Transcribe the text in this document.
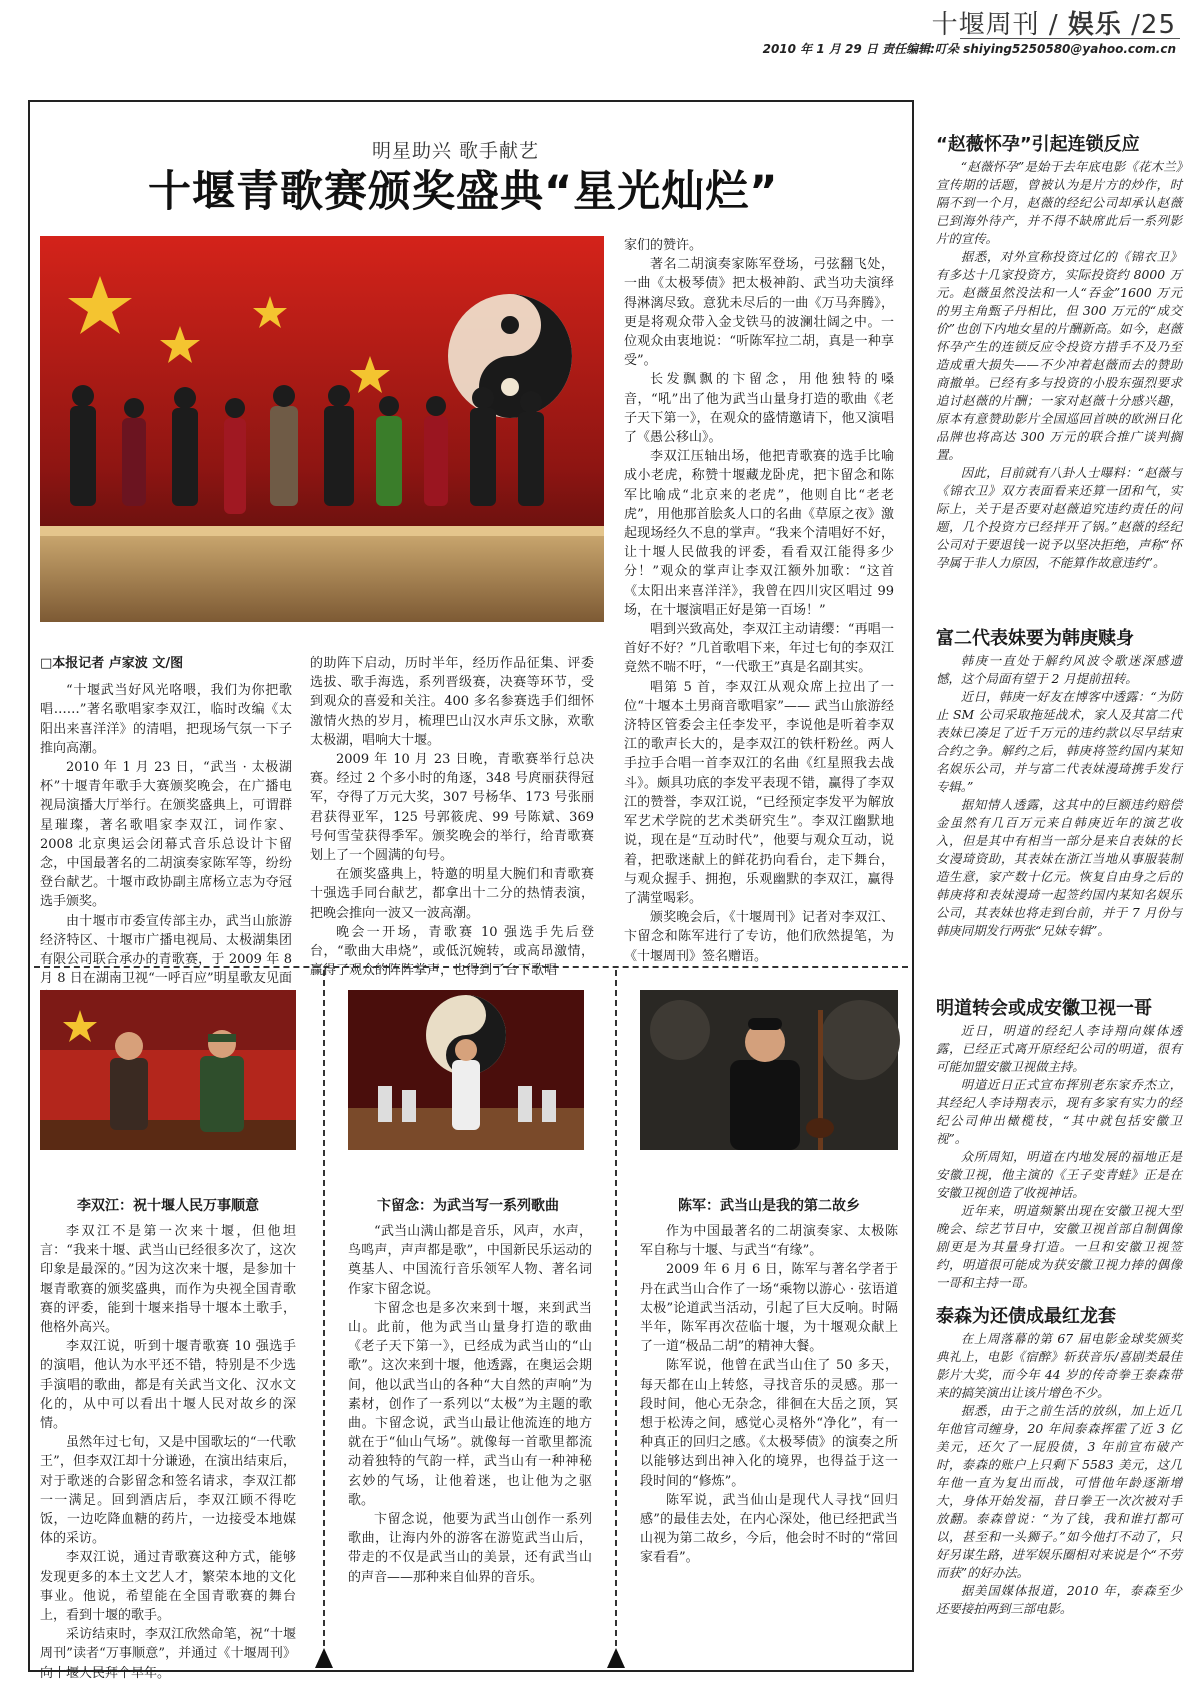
十堰周刊 / 娱乐 /25
2010 年 1 月 29 日 责任编辑:叮朵 shiying5250580@yahoo.com.cn
明星助兴 歌手献艺
十堰青歌赛颁奖盛典“星光灿烂”
□本报记者 卢家波 文/图

“十堰武当好风光咯喂，我们为你把歌唱……”著名歌唱家李双江，临时改编《太阳出来喜洋洋》的清唱，把现场气氛一下子推向高潮。

2010 年 1 月 23 日，“武当 · 太极湖杯”十堰青年歌手大赛颁奖晚会，在广播电视局演播大厅举行。在颁奖盛典上，可谓群星璀璨，著名歌唱家李双江，词作家、2008 北京奥运会闭幕式音乐总设计卞留念，中国最著名的二胡演奏家陈军等，纷纷登台献艺。十堰市政协副主席杨立志为夺冠选手颁奖。

由十堰市市委宣传部主办，武当山旅游经济特区、十堰市广播电视局、太极湖集团有限公司联合承办的青歌赛，于 2009 年 8 月 8 日在湖南卫视“一呼百应”明星歌友见面

的助阵下启动，历时半年，经历作品征集、评委选拔、歌手海选，系列晋级赛，决赛等环节，受到观众的喜爱和关注。400 多名参赛选手们细怀激情火热的岁月，梳理巴山汉水声乐文脉，欢歌太极湖，唱响大十堰。

2009 年 10 月 23 日晚，青歌赛举行总决赛。经过 2 个多小时的角逐，348 号庹丽获得冠军，夺得了万元大奖，307 号杨华、173 号张丽君获得亚军，125 号郭筱虎、99 号陈斌、369 号何雪莹获得季军。颁奖晚会的举行，给青歌赛划上了一个圆满的句号。

在颁奖盛典上，特邀的明星大腕们和青歌赛十强选手同台献艺，都拿出十二分的热情表演，把晚会推向一波又一波高潮。

晚会一开场，青歌赛 10 强选手先后登台，“歌曲大串烧”，或低沉婉转，或高昂激情，赢得了观众的阵阵掌声，也得到了台下歌唱

家们的赞许。

著名二胡演奏家陈军登场，弓弦翻飞处，一曲《太极琴债》把太极神韵、武当功夫演绎得淋漓尽致。意犹未尽后的一曲《万马奔腾》，更是将观众带入金戈铁马的波澜壮阔之中。一位观众由衷地说：“听陈军拉二胡，真是一种享受”。

长发飘飘的卞留念，用他独特的嗓音，“吼”出了他为武当山量身打造的歌曲《老子天下第一》，在观众的盛情邀请下，他又演唱了《愚公移山》。

李双江压轴出场，他把青歌赛的选手比喻成小老虎，称赞十堰藏龙卧虎，把卞留念和陈军比喻成“北京来的老虎”，他则自比“老老虎”，用他那首脍炙人口的名曲《草原之夜》激起现场经久不息的掌声。“我来个清唱好不好，让十堰人民做我的评委，看看双江能得多少分！”观众的掌声让李双江额外加歌：“这首《太阳出来喜洋洋》，我曾在四川灾区唱过 99 场，在十堰演唱正好是第一百场！”

唱到兴致高处，李双江主动请缨：“再唱一首好不好？”几首歌唱下来，年过七旬的李双江竟然不喘不吁，“一代歌王”真是名副其实。

唱第 5 首，李双江从观众席上拉出了一位“十堰本土男商音歌唱家”—— 武当山旅游经济特区管委会主任李发平，李说他是听着李双江的歌声长大的，是李双江的铁杆粉丝。两人手拉手合唱一首李双江的名曲《红星照我去战斗》。颇具功底的李发平表现不错，赢得了李双江的赞誉，李双江说，“已经预定李发平为解放军艺术学院的艺术类研究生”。李双江幽默地说，现在是“互动时代”，他要与观众互动，说着，把歌迷献上的鲜花扔向看台，走下舞台，与观众握手、拥抱，乐观幽默的李双江，赢得了满堂喝彩。

颁奖晚会后，《十堰周刊》记者对李双江、卞留念和陈军进行了专访，他们欣然提笔，为《十堰周刊》签名赠语。

李双江：祝十堰人民万事顺意

李双江不是第一次来十堰，但他坦言：“我来十堰、武当山已经很多次了，这次印象是最深的。”因为这次来十堰，是参加十堰青歌赛的颁奖盛典，而作为央视全国青歌赛的评委，能到十堰来指导十堰本土歌手，他格外高兴。

李双江说，听到十堰青歌赛 10 强选手的演唱，他认为水平还不错，特别是不少选手演唱的歌曲，都是有关武当文化、汉水文化的，从中可以看出十堰人民对故乡的深情。

虽然年过七旬，又是中国歌坛的“一代歌王”，但李双江却十分谦逊，在演出结束后，对于歌迷的合影留念和签名请求，李双江都一一满足。回到酒店后，李双江顾不得吃饭，一边吃降血糖的药片，一边接受本地媒体的采访。

李双江说，通过青歌赛这种方式，能够发现更多的本土文艺人才，繁荣本地的文化事业。他说，希望能在全国青歌赛的舞台上，看到十堰的歌手。

采访结束时，李双江欣然命笔，祝“十堰周刊”读者“万事顺意”，并通过《十堰周刊》向十堰人民拜个早年。

卞留念：为武当写一系列歌曲

“武当山满山都是音乐，风声，水声，鸟鸣声，声声都是歌”，中国新民乐运动的奠基人、中国流行音乐领军人物、著名词作家卞留念说。

卞留念也是多次来到十堰，来到武当山。此前，他为武当山量身打造的歌曲《老子天下第一》，已经成为武当山的“山歌”。这次来到十堰，他透露，在奥运会期间，他以武当山的各种“大自然的声响”为素材，创作了一系列以“太极”为主题的歌曲。卞留念说，武当山最让他流连的地方就在于“仙山气场”。就像每一首歌里都流动着独特的气韵一样，武当山有一种神秘玄妙的气场，让他着迷，也让他为之驱歌。

卞留念说，他要为武当山创作一系列歌曲，让海内外的游客在游览武当山后，带走的不仅是武当山的美景，还有武当山的声音——那种来自仙界的音乐。

陈军：武当山是我的第二故乡

作为中国最著名的二胡演奏家、太极陈军自称与十堰、与武当“有缘”。

2009 年 6 月 6 日，陈军与著名学者于丹在武当山合作了一场“乘物以游心 · 弦语道太极”论道武当活动，引起了巨大反响。时隔半年，陈军再次莅临十堰，为十堰观众献上了一道“极品二胡”的精神大餐。

陈军说，他曾在武当山住了 50 多天，每天都在山上转悠，寻找音乐的灵感。那一段时间，他心无杂念，徘徊在大岳之顶，冥想于松涛之间，感觉心灵格外“净化”，有一种真正的回归之感。《太极琴债》的演奏之所以能够达到出神入化的境界，也得益于这一段时间的“修炼”。

陈军说，武当仙山是现代人寻找“回归感”的最佳去处，在内心深处，他已经把武当山视为第二故乡，今后，他会时不时的“常回家看看”。

“赵薇怀孕”引起连锁反应

“赵薇怀孕”是始于去年底电影《花木兰》宣传期的话题，曾被认为是片方的炒作，时隔不到一个月，赵薇的经纪公司却承认赵薇已到海外待产，并不得不缺席此后一系列影片的宣传。

据悉，对外宣称投资过亿的《锦衣卫》有多达十几家投资方，实际投资约 8000 万元。赵薇虽然没法和一人“吞金”1600 万元的男主角甄子丹相比，但 300 万元的“成交价”也创下内地女星的片酬新高。如今，赵薇怀孕产生的连锁反应令投资方措手不及乃至造成重大损失——不少冲着赵薇而去的赞助商撤单。已经有多与投资的小股东强烈要求追讨赵薇的片酬；一家对赵薇十分感兴趣，原本有意赞助影片全国巡回首映的欧洲日化品牌也将高达 300 万元的联合推广谈判搁置。

因此，目前就有八卦人士曝料：“赵薇与《锦衣卫》双方表面看来还算一团和气，实际上，关于是否要对赵薇追究违约责任的问题，几个投资方已经拌开了锅。”赵薇的经纪公司对于要退钱一说予以坚决拒绝，声称“怀孕属于非人力原因，不能算作故意违约”。

富二代表妹要为韩庚赎身

韩庚一直处于解约风波令歌迷深感遗憾，这个局面有望于 2 月提前扭转。

近日，韩庚一好友在博客中透露：“为防止 SM 公司采取拖延战术，家人及其富二代表妹已凑足了近千万元的违约款以尽早结束合约之争。解约之后，韩庚将签约国内某知名娱乐公司，并与富二代表妹漫琦携手发行专辑。”

据知情人透露，这其中的巨额违约赔偿金虽然有几百万元来自韩庚近年的演艺收入，但是其中有相当一部分是来自表妹的长女漫琦资助，其表妹在浙江当地从事服装制造生意，家产数十亿元。恢复自由身之后的韩庚将和表妹漫琦一起签约国内某知名娱乐公司，其表妹也将走到台前，并于 7 月份与韩庚同期发行两张“兄妹专辑”。

明道转会或成安徽卫视一哥

近日，明道的经纪人李诗翔向媒体透露，已经正式离开原经纪公司的明道，很有可能加盟安徽卫视做主持。

明道近日正式宣布挥别老东家乔杰立，其经纪人李诗翔表示，现有多家有实力的经纪公司伸出橄榄枝，“其中就包括安徽卫视”。

众所周知，明道在内地发展的福地正是安徽卫视，他主演的《王子变青蛙》正是在安徽卫视创造了收视神话。

近年来，明道频繁出现在安徽卫视大型晚会、综艺节目中，安徽卫视首部自制偶像剧更是为其量身打造。一旦和安徽卫视签约，明道很可能成为获安徽卫视力捧的偶像一哥和主持一哥。

泰森为还债成最红龙套

在上周落幕的第 67 届电影金球奖颁奖典礼上，电影《宿醉》斩获音乐/喜剧类最佳影片大奖，而今年 44 岁的传奇拳王泰森带来的搞笑演出让该片增色不少。

据悉，由于之前生活的放纵，加上近几年他官司缠身，20 年间泰森挥霍了近 3 亿美元，还欠了一屁股债，3 年前宣布破产时，泰森的账户上只剩下 5583 美元，这几年他一直为复出而战，可惜他年龄逐渐增大，身体开始发福，昔日拳王一次次被对手放翻。泰森曾说：“为了钱，我和谁打都可以，甚至和一头狮子。”如今他打不动了，只好另谋生路，进军娱乐圈相对来说是个“不劳而获”的好办法。

据美国媒体报道，2010 年，泰森至少还要接拍两到三部电影。
